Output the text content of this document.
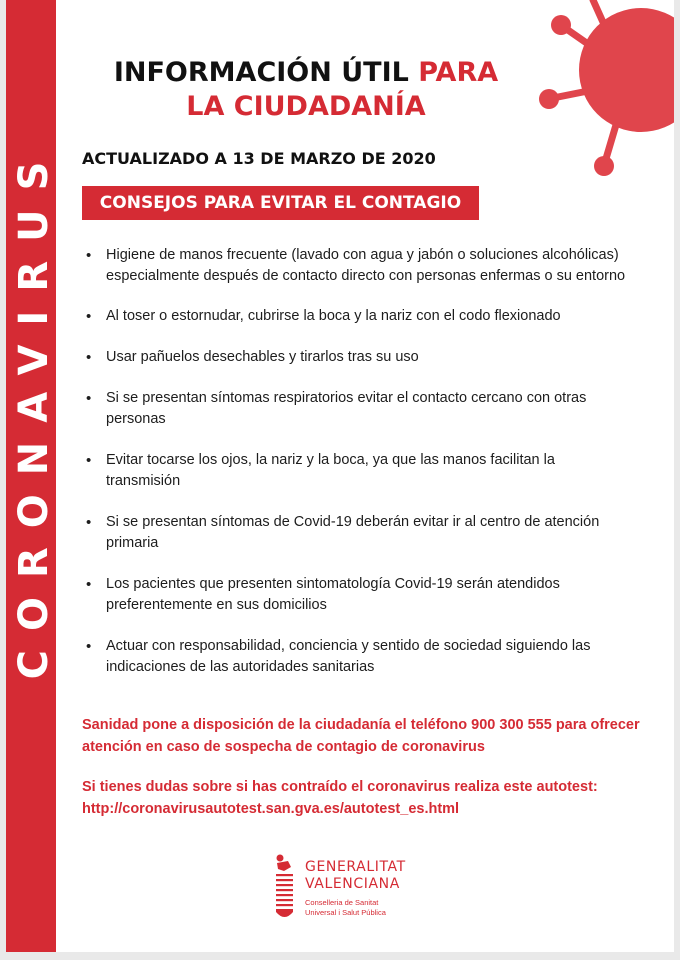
CORONAVIRUS
INFORMACIÓN ÚTIL PARA
LA CIUDADANÍA
ACTUALIZADO A 13 DE MARZO DE 2020
CONSEJOS PARA EVITAR EL CONTAGIO
• Higiene de manos frecuente (lavado con agua y jabón o soluciones alcohólicas) especialmente después de contacto directo con personas enfermas o su entorno
• Al toser o estornudar, cubrirse la boca y la nariz con el codo flexionado
• Usar pañuelos desechables y tirarlos tras su uso
• Si se presentan síntomas respiratorios evitar el contacto cercano con otras personas
• Evitar tocarse los ojos, la nariz y la boca, ya que las manos facilitan la transmisión
• Si se presentan síntomas de Covid-19 deberán evitar ir al centro de atención primaria
• Los pacientes que presenten sintomatología Covid-19 serán atendidos preferentemente en sus domicilios
• Actuar con responsabilidad, conciencia y sentido de sociedad siguiendo las indicaciones de las autoridades sanitarias
Sanidad pone a disposición de la ciudadanía el teléfono 900 300 555 para ofrecer atención en caso de sospecha de contagio de coronavirus
Si tienes dudas sobre si has contraído el coronavirus realiza este autotest: http://coronavirusautotest.san.gva.es/autotest_es.html
GENERALITAT
VALENCIANA
Conselleria de Sanitat
Universal i Salut Pública
